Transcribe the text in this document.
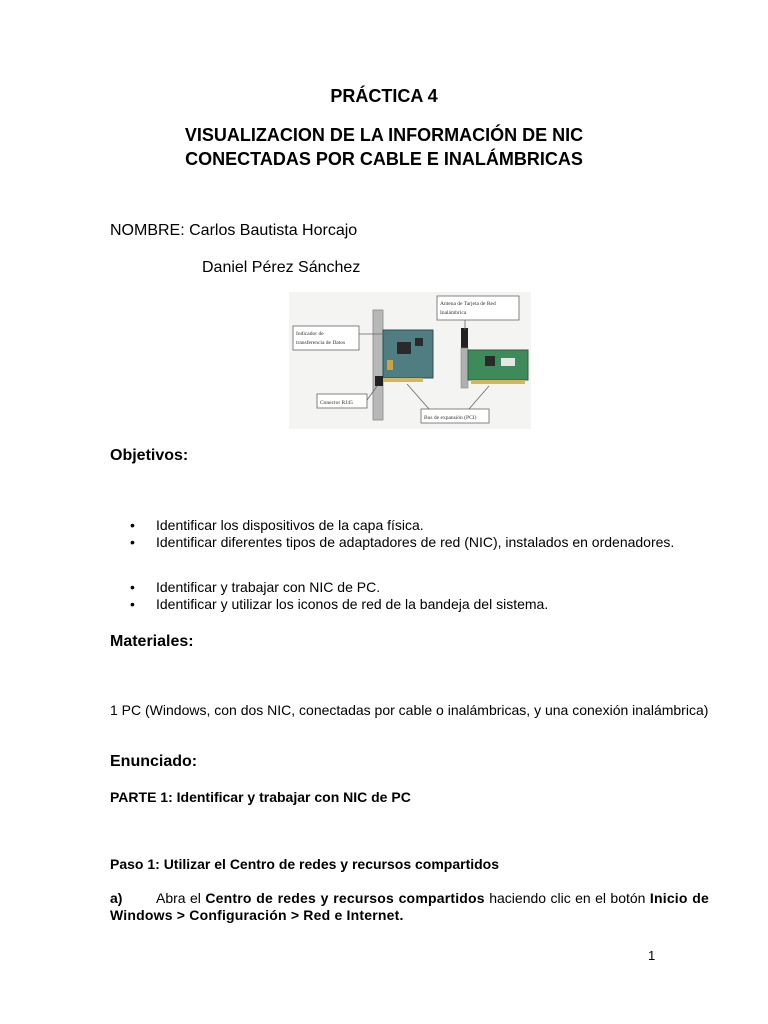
PRÁCTICA 4
VISUALIZACION DE LA INFORMACIÓN DE NIC
CONECTADAS POR CABLE E INALÁMBRICAS
NOMBRE: Carlos Bautista Horcajo
Daniel Pérez Sánchez
Indicador de
transferencia de Datos
Antena de Tarjeta de Red
Inalámbrica
Conector RJ45
Bus de expansión (PCI)
Objetivos:
• Identificar los dispositivos de la capa física.
• Identificar diferentes tipos de adaptadores de red (NIC), instalados en ordenadores.
• Identificar y trabajar con NIC de PC.
• Identificar y utilizar los iconos de red de la bandeja del sistema.
Materiales:
1 PC (Windows, con dos NIC, conectadas por cable o inalámbricas, y una conexión inalámbrica)
Enunciado:
PARTE 1: Identificar y trabajar con NIC de PC
Paso 1: Utilizar el Centro de redes y recursos compartidos
a) Abra el Centro de redes y recursos compartidos haciendo clic en el botón Inicio de Windows > Configuración > Red e Internet.
1
